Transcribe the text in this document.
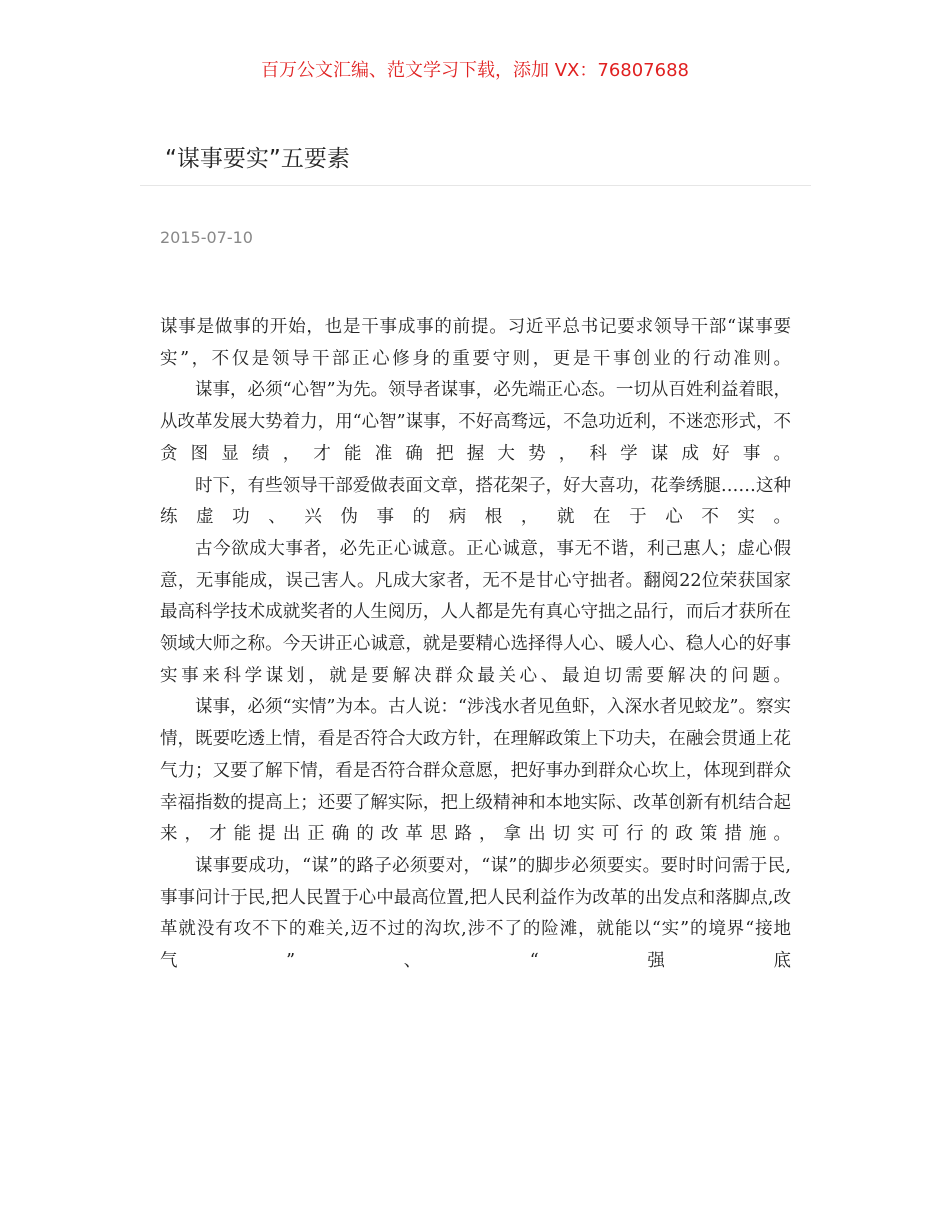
百万公文汇编、范文学习下载，添加 VX：76807688
“谋事要实”五要素
2015-07-10

谋事是做事的开始，也是干事成事的前提。习近平总书记要求领导干部“谋事要实”，不仅是领导干部正心修身的重要守则，更是干事创业的行动准则。

谋事，必须“心智”为先。领导者谋事，必先端正心态。一切从百姓利益着眼，从改革发展大势着力，用“心智”谋事，不好高骛远，不急功近利，不迷恋形式，不贪图显绩，才能准确把握大势，科学谋成好事。

时下，有些领导干部爱做表面文章，搭花架子，好大喜功，花拳绣腿……这种练虚功、兴伪事的病根，就在于心不实。

古今欲成大事者，必先正心诚意。正心诚意，事无不谐，利己惠人；虚心假意，无事能成，误己害人。凡成大家者，无不是甘心守拙者。翻阅22位荣获国家最高科学技术成就奖者的人生阅历，人人都是先有真心守拙之品行，而后才获所在领域大师之称。今天讲正心诚意，就是要精心选择得人心、暖人心、稳人心的好事实事来科学谋划，就是要解决群众最关心、最迫切需要解决的问题。

谋事，必须“实情”为本。古人说：“涉浅水者见鱼虾，入深水者见蛟龙”。察实情，既要吃透上情，看是否符合大政方针，在理解政策上下功夫，在融会贯通上花气力；又要了解下情，看是否符合群众意愿，把好事办到群众心坎上，体现到群众幸福指数的提高上；还要了解实际，把上级精神和本地实际、改革创新有机结合起来，才能提出正确的改革思路，拿出切实可行的政策措施。

谋事要成功，“谋”的路子必须要对，“谋”的脚步必须要实。要时时问需于民,事事问计于民,把人民置于心中最高位置,把人民利益作为改革的出发点和落脚点,改革就没有攻不下的难关,迈不过的沟坎,涉不了的险滩，就能以“实”的境界“接地气”、“强底
